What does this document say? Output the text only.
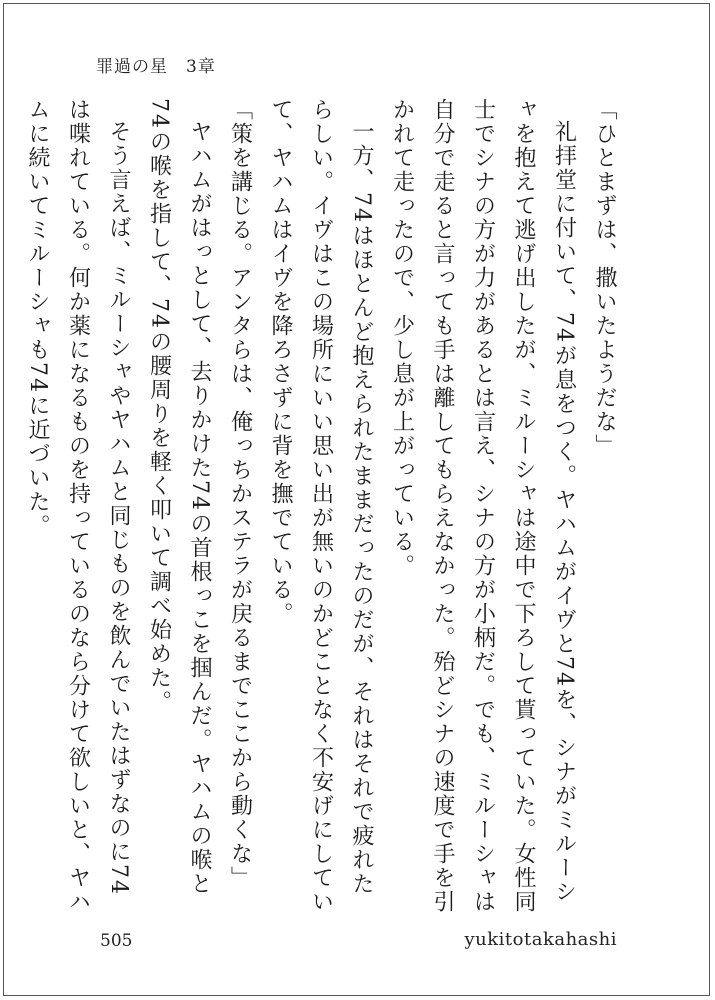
罪過の星　3章

「ひとまずは、撒いたようだな」

礼拝堂に付いて、74が息をつく。ヤハムがイヴと74を、シナがミルーシャを抱えて逃げ出したが、ミルーシャは途中で下ろして貰っていた。女性同士でシナの方が力があるとは言え、シナの方が小柄だ。でも、ミルーシャは自分で走ると言っても手は離してもらえなかった。殆どシナの速度で手を引かれて走ったので、少し息が上がっている。

一方、74はほとんど抱えられたままだったのだが、それはそれで疲れたらしい。イヴはこの場所にいい思い出が無いのかどことなく不安げにしていて、ヤハムはイヴを降ろさずに背を撫でている。

「策を講じる。アンタらは、俺っちかステラが戻るまでここから動くな」

ヤハムがはっとして、去りかけた74の首根っこを掴んだ。ヤハムの喉と74の喉を指して、74の腰周りを軽く叩いて調べ始めた。

そう言えば、ミルーシャやヤハムと同じものを飲んでいたはずなのに74は喋れている。何か薬になるものを持っているのなら分けて欲しいと、ヤハムに続いてミルーシャも74に近づいた。

505	yukitotakahashi
